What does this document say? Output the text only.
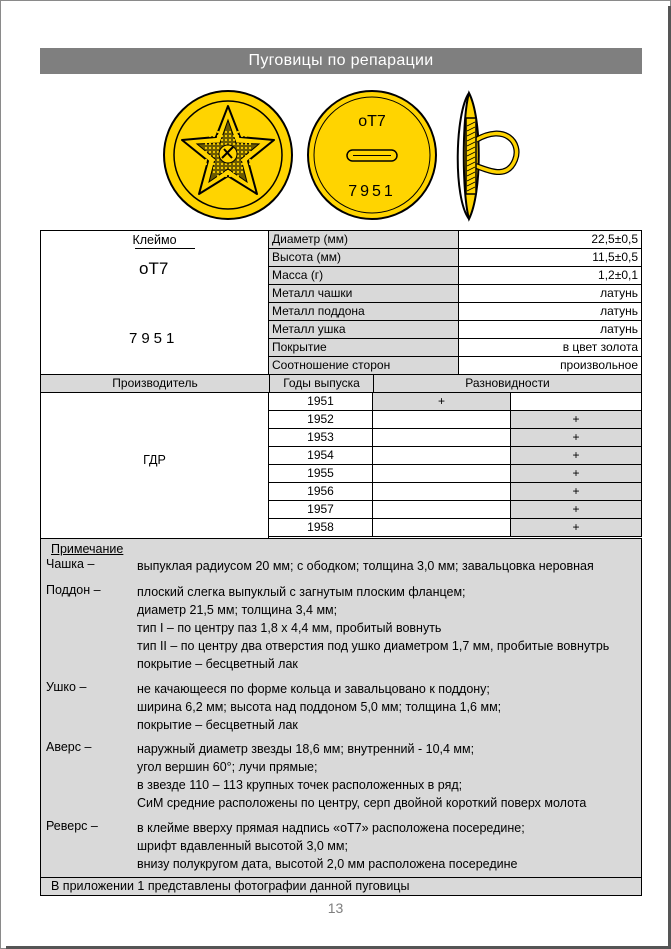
Пуговицы по репарации
оТ7
7951
Клеймо
оТ7
7951
Диаметр (мм)	22,5±0,5
Высота (мм)	11,5±0,5
Масса (г)	1,2±0,1
Металл чашки	латунь
Металл поддона	латунь
Металл ушка	латунь
Покрытие	в цвет золота
Соотношение сторон	произвольное
Производитель	Годы выпуска	Разновидности
ГДР
1951	+	
1952		+
1953		+
1954		+
1955		+
1956		+
1957		+
1958		+
Примечание
Чашка –	выпуклая радиусом 20 мм; с ободком; толщина 3,0 мм; завальцовка неровная
Поддон –	плоский слегка выпуклый с загнутым плоским фланцем;
диаметр 21,5 мм; толщина 3,4 мм;
тип I – по центру паз 1,8 х 4,4 мм, пробитый вовнуть
тип II – по центру два отверстия под ушко диаметром 1,7 мм, пробитые вовнутрь
покрытие – бесцветный лак
Ушко –	не качающееся по форме кольца и завальцовано к поддону;
ширина 6,2 мм; высота над поддоном 5,0 мм; толщина 1,6 мм;
покрытие – бесцветный лак
Аверс –	наружный диаметр звезды 18,6 мм; внутренний - 10,4 мм;
угол вершин 60°; лучи прямые;
в звезде 110 – 113 крупных точек расположенных в ряд;
СиМ средние расположены по центру, серп двойной короткий поверх молота
Реверс –	в клейме вверху прямая надпись «оТ7» расположена посередине;
шрифт вдавленный высотой 3,0 мм;
внизу полукругом дата, высотой 2,0 мм расположена посередине
В приложении 1 представлены фотографии данной пуговицы
13
